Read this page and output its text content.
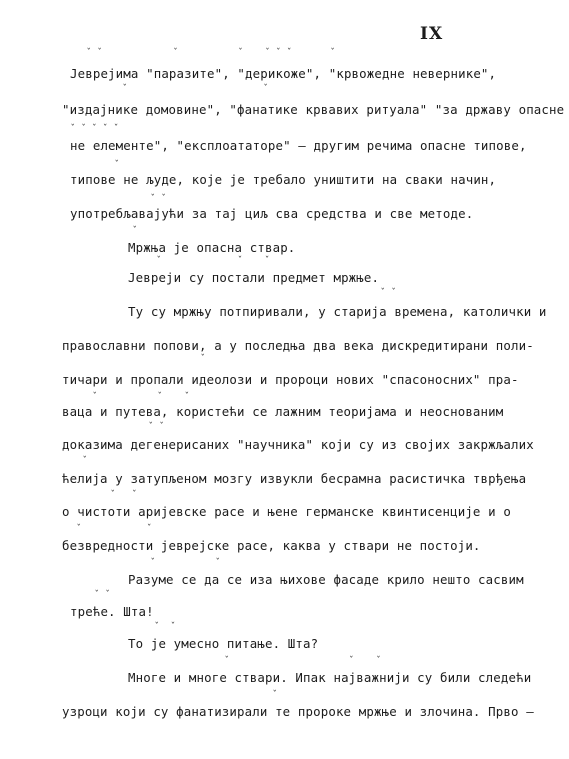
IX
ˇ ˇ             ˇ           ˇ    ˇ ˇ ˇ       ˇ
ˇ                         ˇ
ˇ ˇ ˇ ˇ ˇ
ˇ
ˇ ˇ
ˇ
ˇ              ˇ    ˇ
ˇ ˇ
ˇ
ˇ           ˇ    ˇ
ˇ ˇ
ˇ
ˇ   ˇ
ˇ            ˇ
ˇ           ˇ
ˇ ˇ
ˇ  ˇ
ˇ                      ˇ    ˇ
ˇ
Јеврејима "паразите", "дерикоже", "крвожедне невернике",
"издајнике домовине", "фанатике крвавих ритуала" "за државу опасне
не елементе", "експлоататоре" – другим речима опасне типове,
типове не људе, које је требало уништити на сваки начин,
употребљавајући за тај циљ сва средства и све методе.
Мржња је опасна ствар.
Јевреји су постали предмет мржње.
Ту су мржњу потпиривали, у старија времена, католички и
православни попови, а у последња два века дискредитирани поли-
тичари и пропали идеолози и пророци нових "спасоносних" пра-
ваца и путева, користећи се лажним теоријама и неоснованим
доказима дегенерисаних "научника" који су из својих закржљалих
ћелија у затупљеном мозгу извукли бесрамна расистичка тврђења
о чистоти аријевске расе и њене германске квинтисенције и о
безвредности јеврејске расе, каква у ствари не постоји.
Разуме се да се иза њихове фасаде крило нешто сасвим
треће. Шта!
То је умесно питање. Шта?
Многе и многе ствари. Ипак најважнији су били следећи
узроци који су фанатизирали те пророке мржње и злочина. Прво –
